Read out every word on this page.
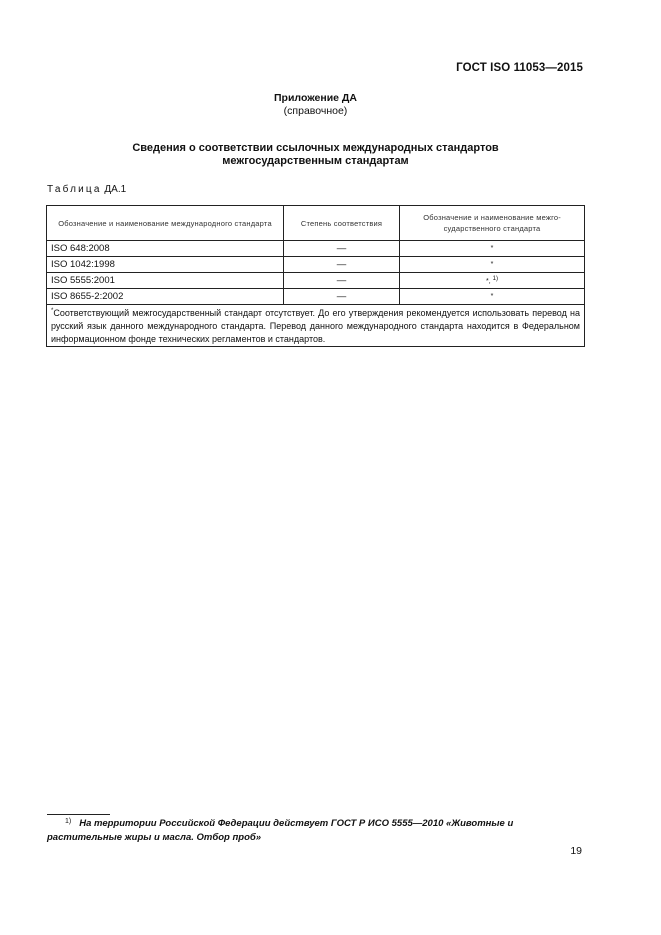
ГОСТ ISO 11053—2015
Приложение ДА
(справочное)
Сведения о соответствии ссылочных международных стандартов
межгосударственным стандартам
Таблица ДА.1
Обозначение и наименование международного стандарта	Степень соответствия	Обозначение и наименование межгосударственного стандарта
ISO 648:2008	—	*
ISO 1042:1998	—	*
ISO 5555:2001	—	*, 1)
ISO 8655-2:2002	—	*
*Соответствующий межгосударственный стандарт отсутствует. До его утверждения рекомендуется использовать перевод на русский язык данного международного стандарта. Перевод данного международного стандарта находится в Федеральном информационном фонде технических регламентов и стандартов.		
$^{1)}$ На территории Российской Федерации действует ГОСТ Р ИСО 5555—2010 «Животные и растительные жиры и масла. Отбор проб»
19
